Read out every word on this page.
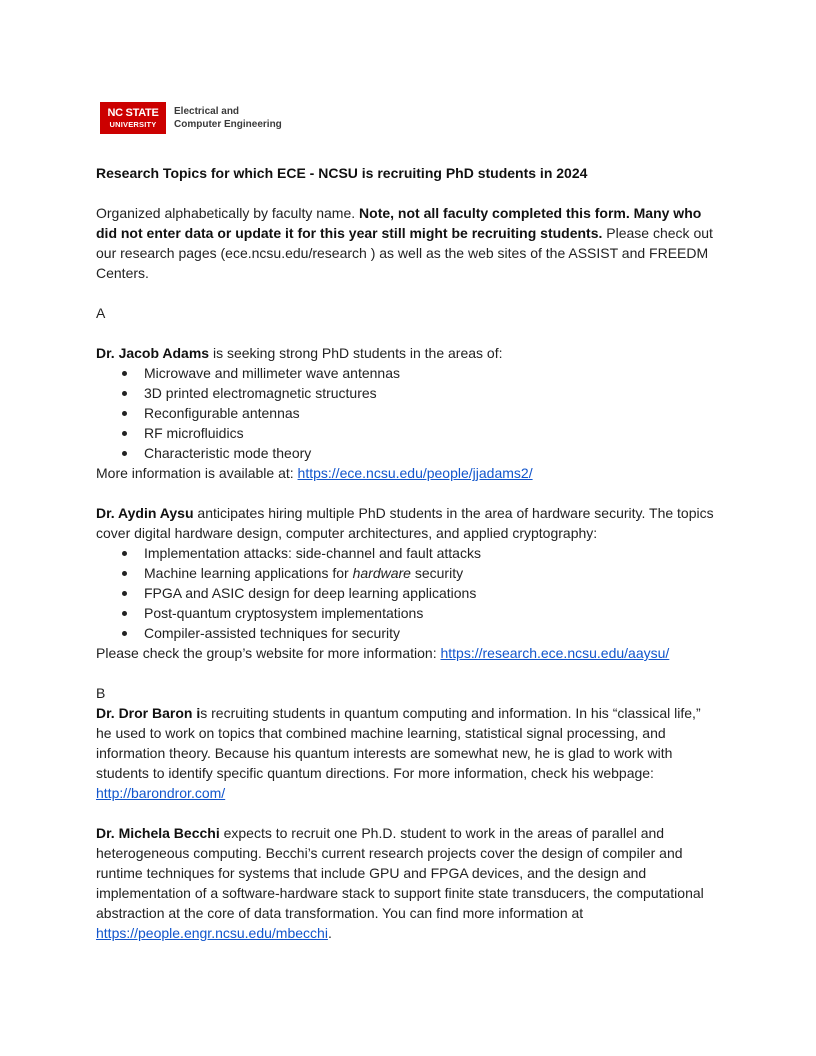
NC STATE
UNIVERSITY
Electrical and
Computer Engineering

Research Topics for which ECE - NCSU is recruiting PhD students in 2024

Organized alphabetically by faculty name. Note, not all faculty completed this form. Many who did not enter data or update it for this year still might be recruiting students. Please check out our research pages (ece.ncsu.edu/research ) as well as the web sites of the ASSIST and FREEDM Centers.

A

Dr. Jacob Adams is seeking strong PhD students in the areas of:

Microwave and millimeter wave antennas
3D printed electromagnetic structures
Reconfigurable antennas
RF microfluidics
Characteristic mode theory

More information is available at: https://ece.ncsu.edu/people/jjadams2/

Dr. Aydin Aysu anticipates hiring multiple PhD students in the area of hardware security. The topics cover digital hardware design, computer architectures, and applied cryptography:

Implementation attacks: side-channel and fault attacks
Machine learning applications for hardware security
FPGA and ASIC design for deep learning applications
Post-quantum cryptosystem implementations
Compiler-assisted techniques for security

Please check the group’s website for more information: https://research.ece.ncsu.edu/aaysu/

B

Dr. Dror Baron is recruiting students in quantum computing and information. In his “classical life,” he used to work on topics that combined machine learning, statistical signal processing, and information theory. Because his quantum interests are somewhat new, he is glad to work with students to identify specific quantum directions. For more information, check his webpage: http://barondror.com/

Dr. Michela Becchi expects to recruit one Ph.D. student to work in the areas of parallel and heterogeneous computing. Becchi’s current research projects cover the design of compiler and runtime techniques for systems that include GPU and FPGA devices, and the design and implementation of a software-hardware stack to support finite state transducers, the computational abstraction at the core of data transformation. You can find more information at https://people.engr.ncsu.edu/mbecchi.
